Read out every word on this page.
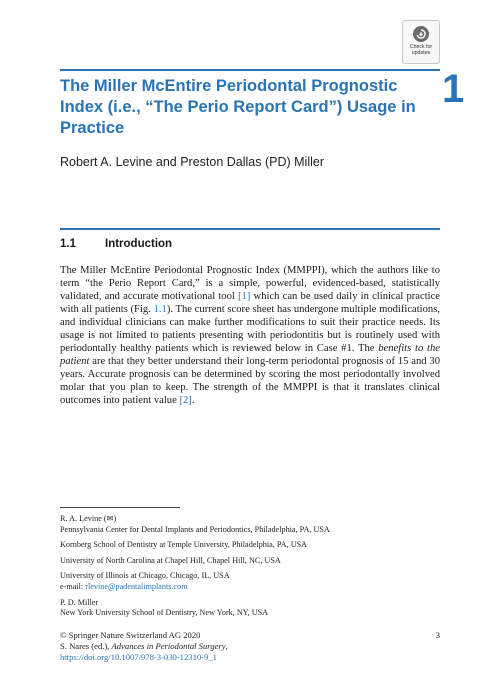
Check for
updates
1
The Miller McEntire Periodontal Prognostic Index (i.e., “The Perio Report Card”) Usage in Practice

Robert A. Levine and Preston Dallas (PD) Miller

1.1	Introduction

The Miller McEntire Periodontal Prognostic Index (MMPPI), which the authors like to term “the Perio Report Card,” is a simple, powerful, evidenced-based, statistically validated, and accurate motivational tool [1] which can be used daily in clinical practice with all patients (Fig. 1.1). The current score sheet has undergone multiple modifications, and individual clinicians can make further modifications to suit their practice needs. Its usage is not limited to patients presenting with periodontitis but is routinely used with periodontally healthy patients which is reviewed below in Case #1. The benefits to the patient are that they better understand their long-term periodontal prognosis of 15 and 30 years. Accurate prognosis can be determined by scoring the most periodontally involved molar that you plan to keep. The strength of the MMPPI is that it translates clinical outcomes into patient value [2].

R. A. Levine (✉)

Pennsylvania Center for Dental Implants and Periodontics, Philadelphia, PA, USA

Kornberg School of Dentistry at Temple University, Philadelphia, PA, USA

University of North Carolina at Chapel Hill, Chapel Hill, NC, USA

University of Illinois at Chicago, Chicago, IL, USA

e-mail: rlevine@padentalimplants.com

P. D. Miller

New York University School of Dentistry, New York, NY, USA

© Springer Nature Switzerland AG 2020
S. Nares (ed.), Advances in Periodontal Surgery,
https://doi.org/10.1007/978-3-030-12310-9_1
3
